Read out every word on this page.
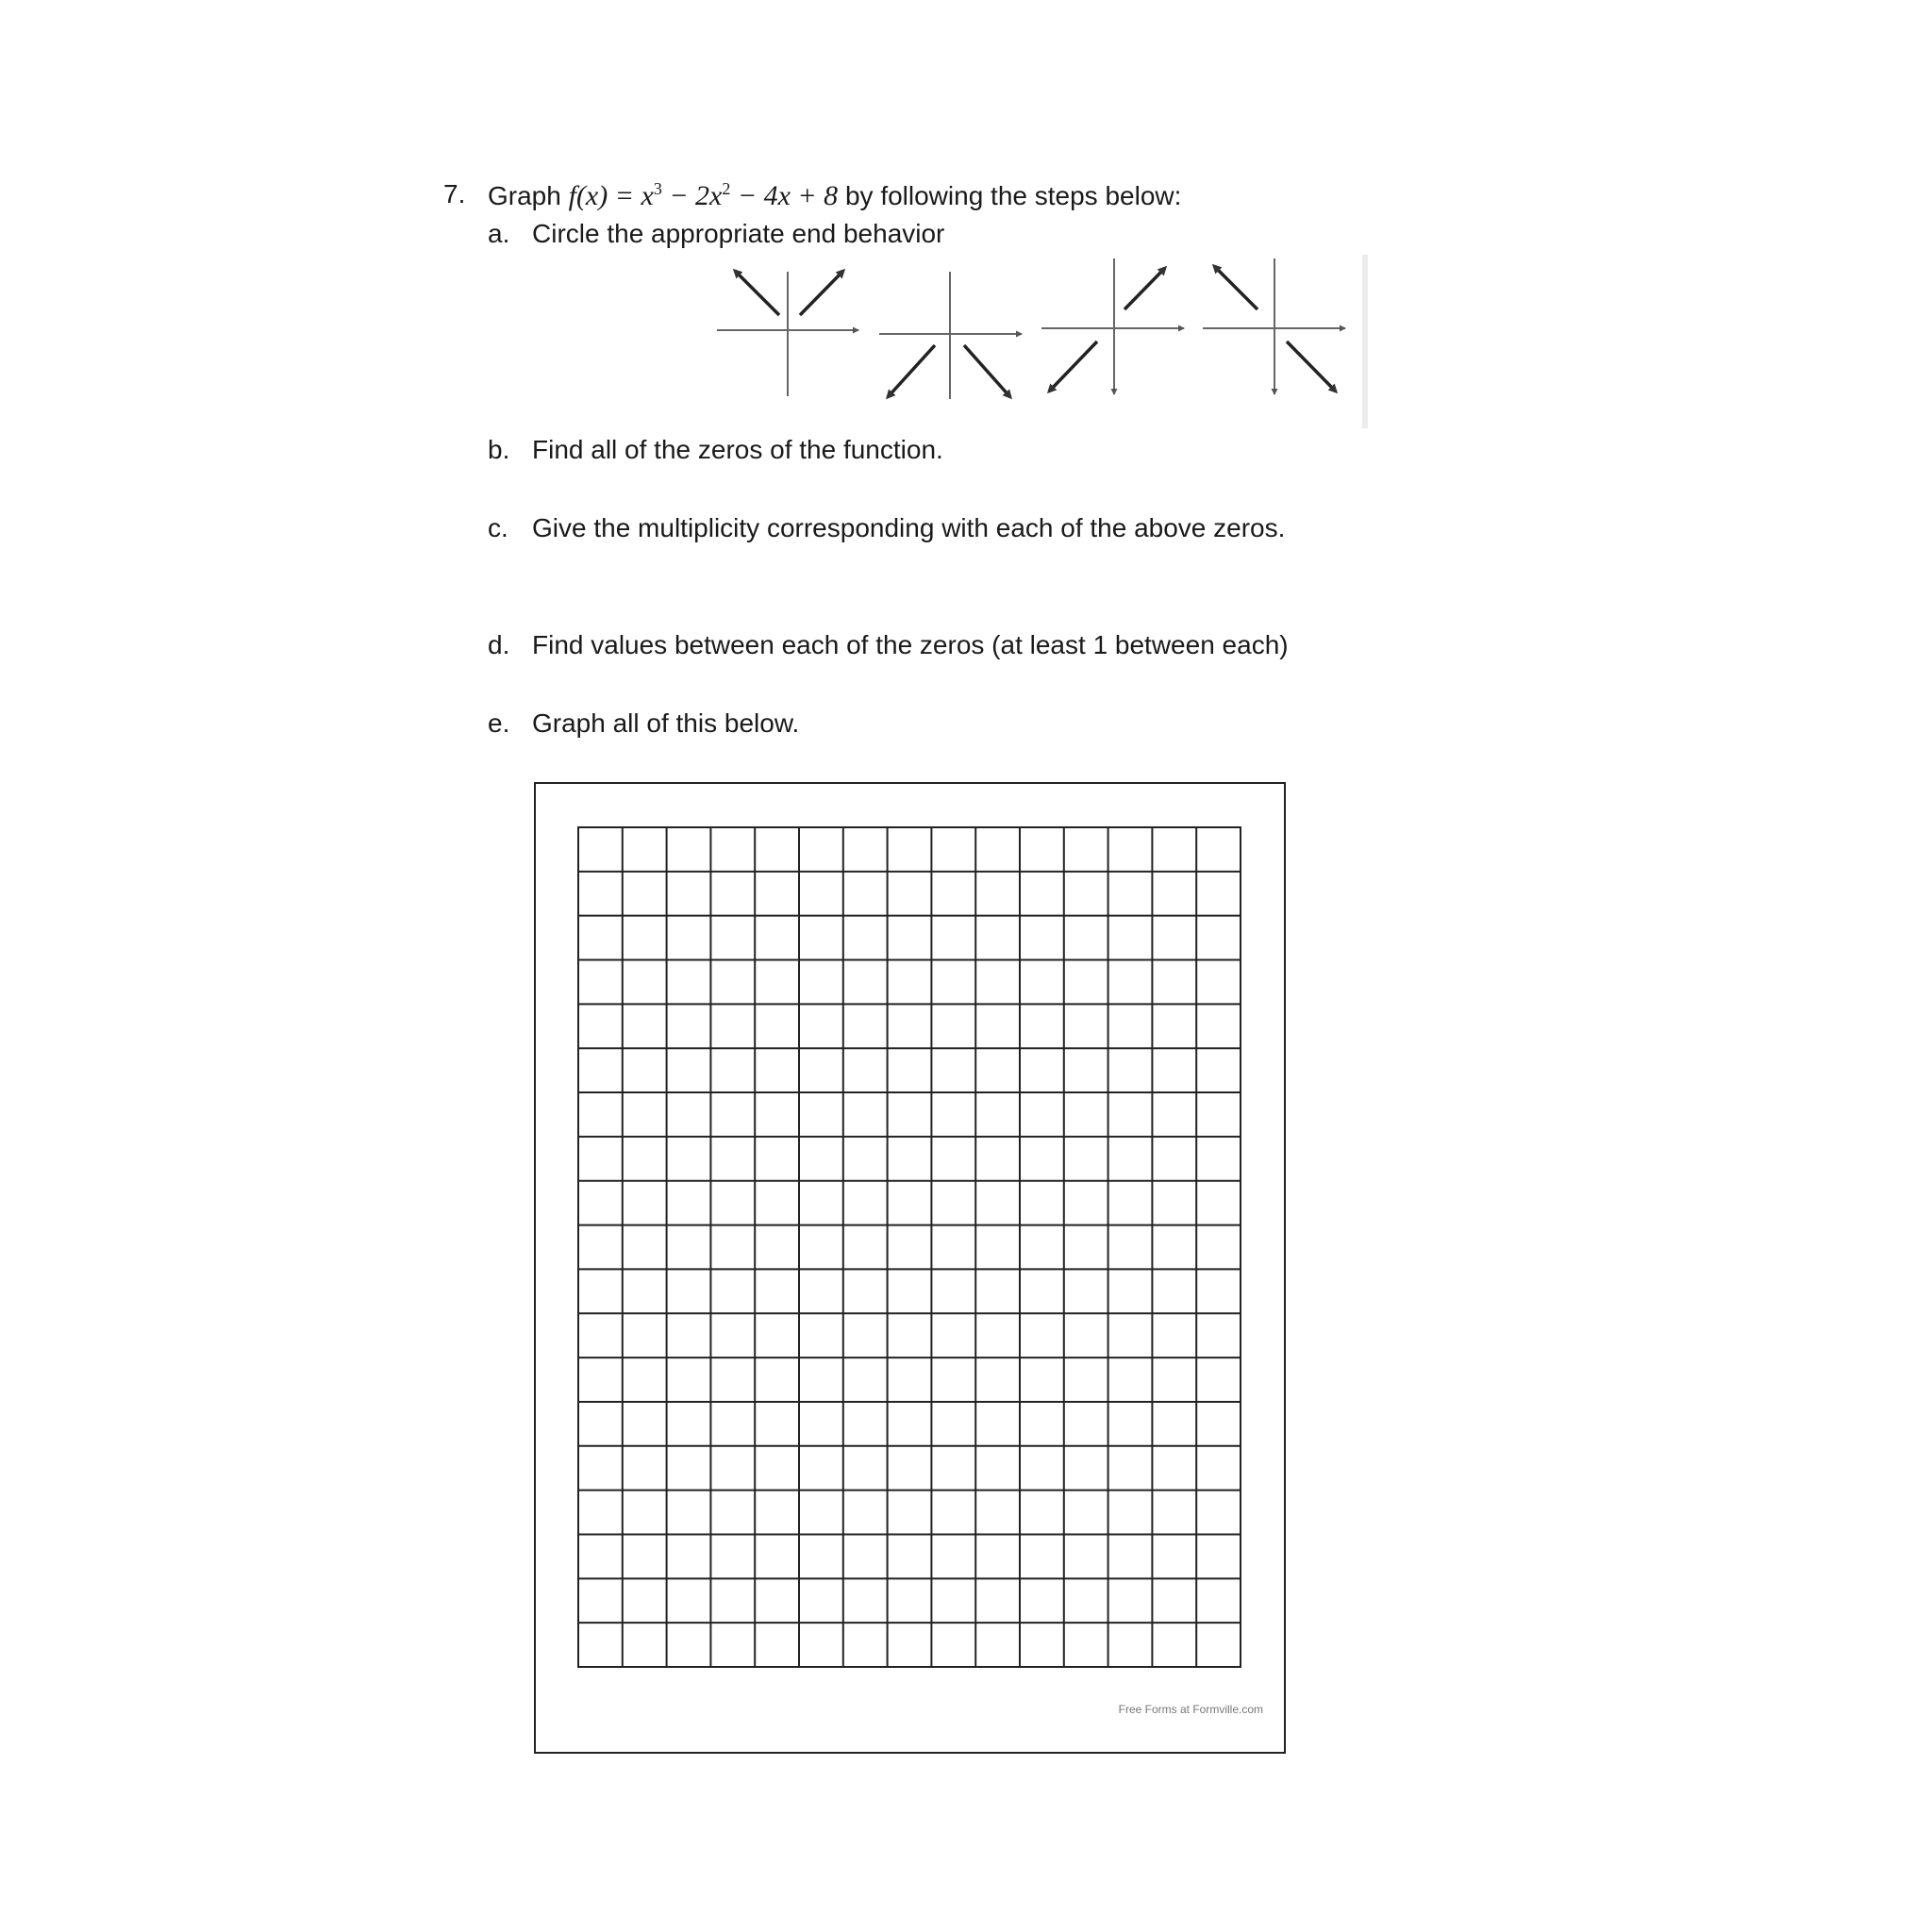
7. Graph $f(x) = x^3 - 2x^2 - 4x + 8$ by following the steps below:
a. Circle the appropriate end behavior
b. Find all of the zeros of the function.
c. Give the multiplicity corresponding with each of the above zeros.
d. Find values between each of the zeros (at least 1 between each)
e. Graph all of this below.
Free Forms at Formville.com
